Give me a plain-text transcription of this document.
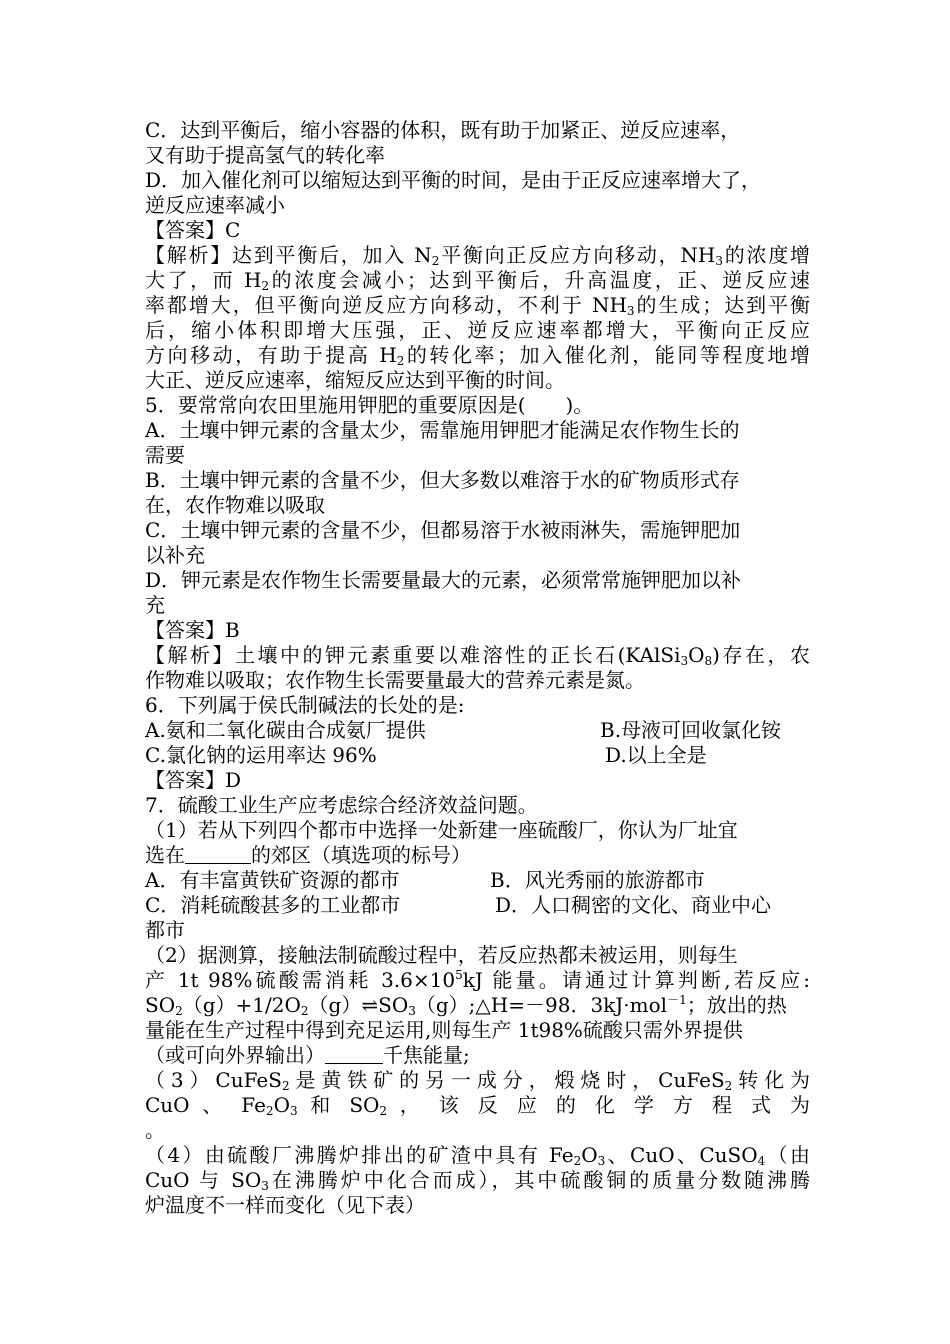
C．达到平衡后，缩小容器的体积，既有助于加紧正、逆反应速率，
又有助于提高氢气的转化率
D．加入催化剂可以缩短达到平衡的时间，是由于正反应速率增大了，
逆反应速率减小
【答案】C
【解析】达到平衡后，加入 $N_2$平衡向正反应方向移动，$NH_3$的浓度增
大了，而 $H_2$的浓度会减小；达到平衡后，升高温度，正、逆反应速
率都增大，但平衡向逆反应方向移动，不利于 $NH_3$的生成；达到平衡
后，缩小体积即增大压强，正、逆反应速率都增大，平衡向正反应
方向移动，有助于提高 $H_2$的转化率；加入催化剂，能同等程度地增
大正、逆反应速率，缩短反应达到平衡的时间。
5．要常常向农田里施用钾肥的重要原因是(　　)。
A．土壤中钾元素的含量太少，需靠施用钾肥才能满足农作物生长的
需要
B．土壤中钾元素的含量不少，但大多数以难溶于水的矿物质形式存
在，农作物难以吸取
C．土壤中钾元素的含量不少，但都易溶于水被雨淋失，需施钾肥加
以补充
D．钾元素是农作物生长需要量最大的元素，必须常常施钾肥加以补
充
【答案】B
【解析】土壤中的钾元素重要以难溶性的正长石$(KAlSi_3O_8)$存在，农
作物难以吸取；农作物生长需要量最大的营养元素是氮。
6．下列属于侯氏制碱法的长处的是:
A.氨和二氧化碳由合成氨厂提供	B.母液可回收氯化铵
C.氯化钠的运用率达 96%	D.以上全是
【答案】D
7．硫酸工业生产应考虑综合经济效益问题。
（1）若从下列四个都市中选择一处新建一座硫酸厂，你认为厂址宜
选在	的郊区（填选项的标号）
A．有丰富黄铁矿资源的都市	B．风光秀丽的旅游都市
C．消耗硫酸甚多的工业都市	D．人口稠密的文化、商业中心
都市
（2）据测算，接触法制硫酸过程中，若反应热都未被运用，则每生
产 1t 98%硫酸需消耗 $3.6\times 10^5kJ$ 能量。请通过计算判断,若反应:
$SO_2(g)+1/2O_2(g)\rightleftharpoons SO_3(g);\triangle H=-98$．3kJ·mol$^{-1}$；放出的热
量能在生产过程中得到充足运用,则每生产 1t98%硫酸只需外界提供
（或可向外界输出）	千焦能量;
（3）CuFeS$_2$是黄铁矿的另一成分，煅烧时，CuFeS$_2$转化为
CuO 、 $Fe_2O_3$ 和 $SO_2$ ， 该 反 应 的 化 学 方 程 式 为
。
（4）由硫酸厂沸腾炉排出的矿渣中具有 $Fe_2O_3$、CuO、CuSO$_4$（由
CuO 与 $SO_3$在沸腾炉中化合而成），其中硫酸铜的质量分数随沸腾
炉温度不一样而变化（见下表）
